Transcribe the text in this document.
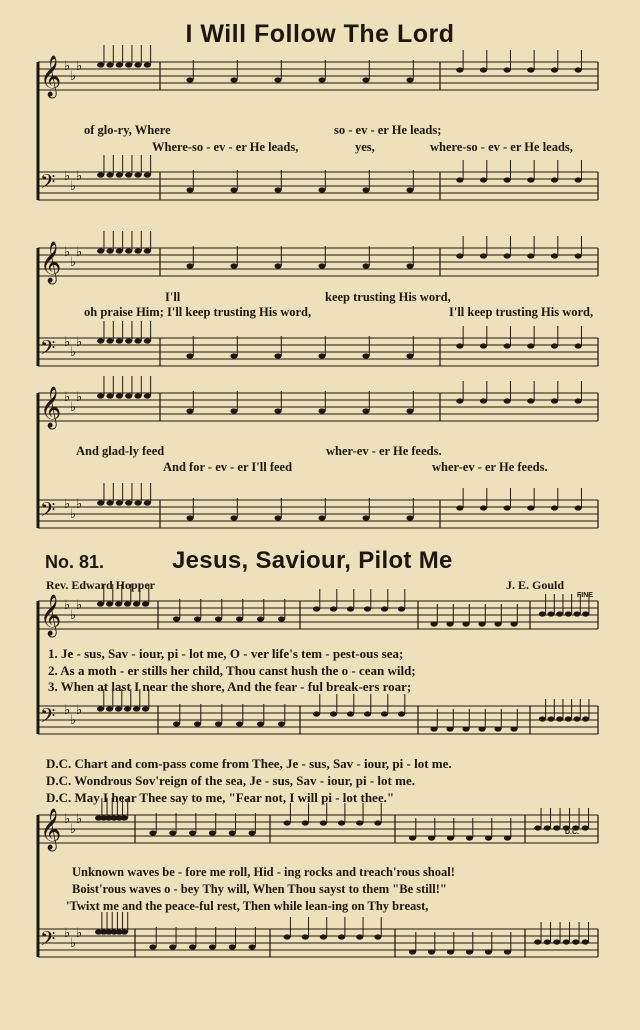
𝄞 ♭
♭
♭
𝄢 ♭
♭
♭
𝄞 ♭
♭
♭
𝄢 ♭
♭
♭
𝄞 ♭
♭
♭
𝄢 ♭
♭
♭
𝄞 ♭
♭
♭
𝄢 ♭
♭
♭
𝄞 ♭
♭
♭
𝄢 ♭
♭
♭
I Will Follow The Lord
of glo-ry, Where	so - ev - er He leads;
Where-so - ev - er He leads,	yes,	where-so - ev - er He leads,
I'll	keep trusting His word,
oh praise Him; I'll keep trusting His word,	I'll keep trusting His word,
And glad-ly feed	wher-ev - er He feeds.
And for - ev - er I'll feed	wher-ev - er He feeds.
No. 81.	Jesus, Saviour, Pilot Me
Rev. Edward Hopper	J. E. Gould
FINE
1. Je - sus, Sav - iour, pi - lot me, O - ver life's tem - pest-ous sea;
2. As a moth - er stills her child, Thou canst hush the o - cean wild;
3. When at last I near the shore, And the fear - ful break-ers roar;
D.C. Chart and com-pass come from Thee, Je - sus, Sav - iour, pi - lot me.
D.C. Wondrous Sov'reign of the sea, Je - sus, Sav - iour, pi - lot me.
D.C. May I hear Thee say to me, "Fear not, I will pi - lot thee."
D.C.
Unknown waves be - fore me roll, Hid - ing rocks and treach'rous shoal!
Boist'rous waves o - bey Thy will, When Thou sayst to them "Be still!"
'Twixt me and the peace-ful rest, Then while lean-ing on Thy breast,
